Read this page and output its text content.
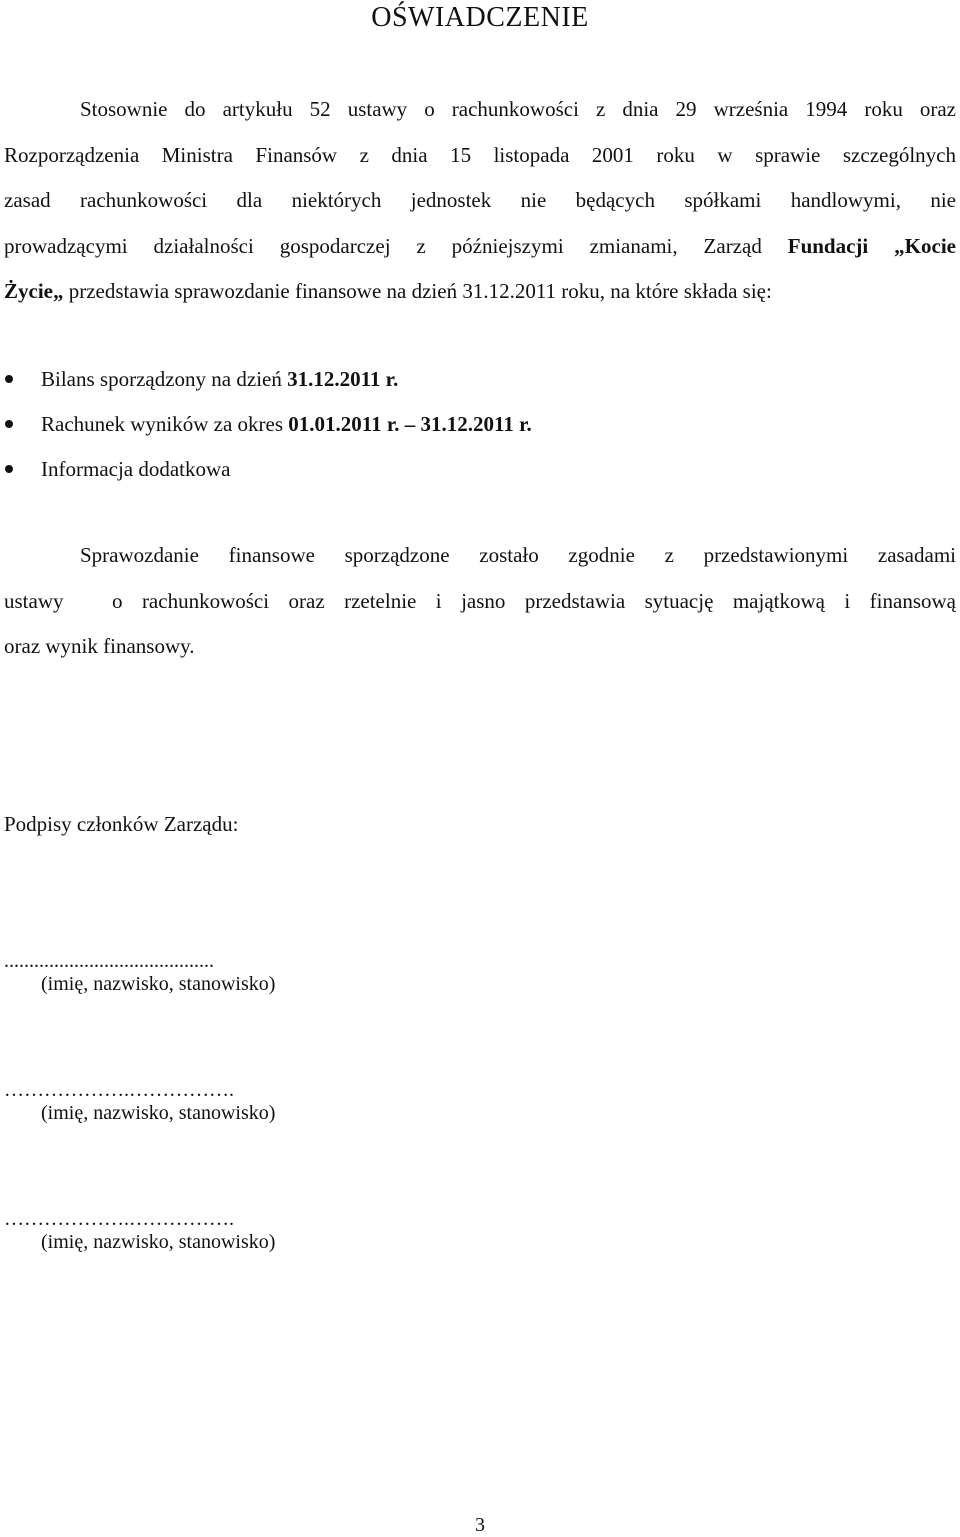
OŚWIADCZENIE
Stosownie do artykułu 52 ustawy o rachunkowości z dnia 29 września 1994 roku oraz
Rozporządzenia Ministra Finansów z dnia 15 listopada 2001 roku w sprawie szczególnych
zasad rachunkowości dla niektórych jednostek nie będących spółkami handlowymi, nie
prowadzącymi działalności gospodarczej z późniejszymi zmianami, Zarząd Fundacji „Kocie
Życie„ przedstawia sprawozdanie finansowe na dzień 31.12.2011 roku, na które składa się:
Bilans sporządzony na dzień 31.12.2011 r.
Rachunek wyników za okres 01.01.2011 r. – 31.12.2011 r.
Informacja dodatkowa
Sprawozdanie finansowe sporządzone zostało zgodnie z przedstawionymi zasadami
ustawy o rachunkowości oraz rzetelnie i jasno przedstawia sytuację majątkową i finansową
oraz wynik finansowy.
Podpisy członków Zarządu:
..........................................
(imię, nazwisko, stanowisko)
……………….…………….
(imię, nazwisko, stanowisko)
……………….…………….
(imię, nazwisko, stanowisko)
3
